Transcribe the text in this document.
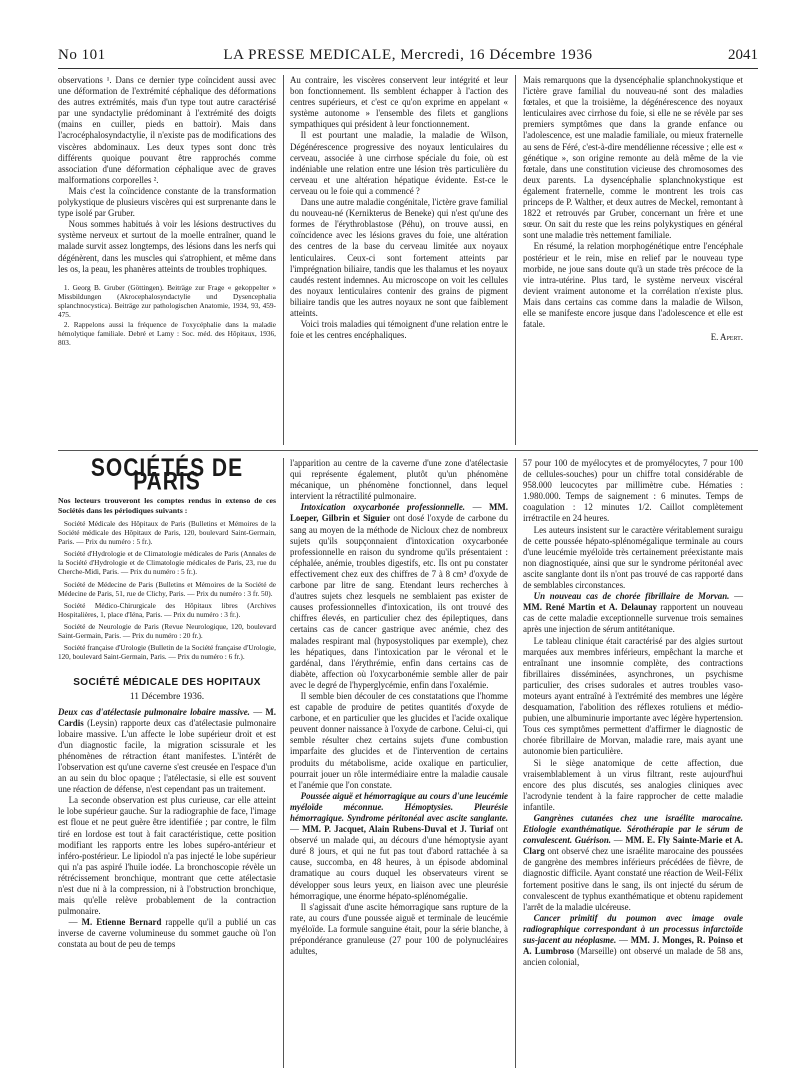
No 101	LA PRESSE MEDICALE, Mercredi, 16 Décembre 1936	2041

observations ¹. Dans ce dernier type coïncident aussi avec une déformation de l'extrémité céphalique des déformations des autres extrémités, mais d'un type tout autre caractérisé par une syndactylie prédominant à l'extrémité des doigts (mains en cuiller, pieds en battoir). Mais dans l'acrocéphalosyndactylie, il n'existe pas de modifications des viscères abdominaux. Les deux types sont donc très différents quoique pouvant être rapprochés comme association d'une déformation céphalique avec de graves malformations corporelles ².

Mais c'est la coïncidence constante de la transformation polykystique de plusieurs viscères qui est surprenante dans le type isolé par Gruber.

Nous sommes habitués à voir les lésions destructives du système nerveux et surtout de la moelle entraîner, quand le malade survit assez longtemps, des lésions dans les nerfs qui dégénèrent, dans les muscles qui s'atrophient, et même dans les os, la peau, les phanères atteints de troubles trophiques.

1. Georg B. Gruber (Göttingen). Beiträge zur Frage « gekoppelter » Missbildungen (Akrocephalosyndactylie und Dysencephalia splanchnocystica). Beiträge zur pathologischen Anatomie, 1934, 93, 459-475.

2. Rappelons aussi la fréquence de l'oxycéphalie dans la maladie hémolytique familiale. Debré et Lamy : Soc. méd. des Hôpitaux, 1936, 803.

Au contraire, les viscères conservent leur intégrité et leur bon fonctionnement. Ils semblent échapper à l'action des centres supérieurs, et c'est ce qu'on exprime en appelant « système autonome » l'ensemble des filets et ganglions sympathiques qui président à leur fonctionnement.

Il est pourtant une maladie, la maladie de Wilson, Dégénérescence progressive des noyaux lenticulaires du cerveau, associée à une cirrhose spéciale du foie, où est indéniable une relation entre une lésion très particulière du cerveau et une altération hépatique évidente. Est-ce le cerveau ou le foie qui a commencé ?

Dans une autre maladie congénitale, l'ictère grave familial du nouveau-né (Kernikterus de Beneke) qui n'est qu'une des formes de l'érythroblastose (Péhu), on trouve aussi, en coïncidence avec les lésions graves du foie, une altération des centres de la base du cerveau limitée aux noyaux lenticulaires. Ceux-ci sont fortement atteints par l'imprégnation biliaire, tandis que les thalamus et les noyaux caudés restent indemnes. Au microscope on voit les cellules des noyaux lenticulaires contenir des grains de pigment biliaire tandis que les autres noyaux ne sont que faiblement atteints.

Voici trois maladies qui témoignent d'une relation entre le foie et les centres encéphaliques.

Mais remarquons que la dysencéphalie splanchnokystique et l'ictère grave familial du nouveau-né sont des maladies fœtales, et que la troisième, la dégénérescence des noyaux lenticulaires avec cirrhose du foie, si elle ne se révèle par ses premiers symptômes que dans la grande enfance ou l'adolescence, est une maladie familiale, ou mieux fraternelle au sens de Féré, c'est-à-dire mendélienne récessive ; elle est « génétique », son origine remonte au delà même de la vie fœtale, dans une constitution vicieuse des chromosomes des deux parents. La dysencéphalie splanchnokystique est également fraternelle, comme le montrent les trois cas princeps de P. Walther, et deux autres de Meckel, remontant à 1822 et retrouvés par Gruber, concernant un frère et une sœur. On sait du reste que les reins polykystiques en général sont une maladie très nettement familiale.

En résumé, la relation morphogénétique entre l'encéphale postérieur et le rein, mise en relief par le nouveau type morbide, ne joue sans doute qu'à un stade très précoce de la vie intra-utérine. Plus tard, le système nerveux viscéral devient vraiment autonome et la corrélation n'existe plus. Mais dans certains cas comme dans la maladie de Wilson, elle se manifeste encore jusque dans l'adolescence et elle est fatale.

E. Apert.
SOCIÉTÉS DE PARIS
Nos lecteurs trouveront les comptes rendus in extenso de ces Sociétés dans les périodiques suivants :

Société Médicale des Hôpitaux de Paris (Bulletins et Mémoires de la Société médicale des Hôpitaux de Paris, 120, boulevard Saint-Germain, Paris. — Prix du numéro : 5 fr.).

Société d'Hydrologie et de Climatologie médicales de Paris (Annales de la Société d'Hydrologie et de Climatologie médicales de Paris, 23, rue du Cherche-Midi, Paris. — Prix du numéro : 5 fr.).

Société de Médecine de Paris (Bulletins et Mémoires de la Société de Médecine de Paris, 51, rue de Clichy, Paris. — Prix du numéro : 3 fr. 50).

Société Médico-Chirurgicale des Hôpitaux libres (Archives Hospitalières, 1, place d'Iéna, Paris. — Prix du numéro : 3 fr.).

Société de Neurologie de Paris (Revue Neurologique, 120, boulevard Saint-Germain, Paris. — Prix du numéro : 20 fr.).

Société française d'Urologie (Bulletin de la Société française d'Urologie, 120, boulevard Saint-Germain, Paris. — Prix du numéro : 6 fr.).

SOCIÉTÉ MÉDICALE DES HOPITAUX
11 Décembre 1936.

Deux cas d'atélectasie pulmonaire lobaire massive. — M. Cardis (Leysin) rapporte deux cas d'atélectasie pulmonaire lobaire massive. L'un affecte le lobe supérieur droit et est d'un diagnostic facile, la migration scissurale et les phénomènes de rétraction étant manifestes. L'intérêt de l'observation est qu'une caverne s'est creusée en l'espace d'un an au sein du bloc opaque ; l'atélectasie, si elle est souvent une réaction de défense, n'est cependant pas un traitement.

La seconde observation est plus curieuse, car elle atteint le lobe supérieur gauche. Sur la radiographie de face, l'image est floue et ne peut guère être identifiée ; par contre, le film tiré en lordose est tout à fait caractéristique, cette position modifiant les rapports entre les lobes supéro-antérieur et inféro-postérieur. Le lipiodol n'a pas injecté le lobe supérieur qui n'a pas aspiré l'huile iodée. La bronchoscopie révèle un rétrécissement bronchique, montrant que cette atélectasie n'est due ni à la compression, ni à l'obstruction bronchique, mais qu'elle relève probablement de la contraction pulmonaire.

— M. Etienne Bernard rappelle qu'il a publié un cas inverse de caverne volumineuse du sommet gauche où l'on constata au bout de peu de temps

l'apparition au centre de la caverne d'une zone d'atélectasie qui représente également, plutôt qu'un phénomène mécanique, un phénomène fonctionnel, dans lequel intervient la rétractilité pulmonaire.

Intoxication oxycarbonée professionnelle. — MM. Loeper, Gilbrin et Siguier ont dosé l'oxyde de carbone du sang au moyen de la méthode de Nicloux chez de nombreux sujets qu'ils soupçonnaient d'intoxication oxycarbonée professionnelle en raison du syndrome qu'ils présentaient : céphalée, anémie, troubles digestifs, etc. Ils ont pu constater effectivement chez eux des chiffres de 7 à 8 cm³ d'oxyde de carbone par litre de sang. Etendant leurs recherches à d'autres sujets chez lesquels ne semblaient pas exister de causes professionnelles d'intoxication, ils ont trouvé des chiffres élevés, en particulier chez des épileptiques, dans certains cas de cancer gastrique avec anémie, chez des malades respirant mal (hyposystoliques par exemple), chez les hépatiques, dans l'intoxication par le véronal et le gardénal, dans l'érythrémie, enfin dans certains cas de diabète, affection où l'oxycarbonémie semble aller de pair avec le degré de l'hyperglycémie, enfin dans l'oxalémie.

Il semble bien découler de ces constatations que l'homme est capable de produire de petites quantités d'oxyde de carbone, et en particulier que les glucides et l'acide oxalique peuvent donner naissance à l'oxyde de carbone. Celui-ci, qui semble résulter chez certains sujets d'une combustion imparfaite des glucides et de l'intervention de certains produits du métabolisme, acide oxalique en particulier, pourrait jouer un rôle intermédiaire entre la maladie causale et l'anémie que l'on constate.

Poussée aiguë et hémorragique au cours d'une leucémie myéloïde méconnue. Hémoptysies. Pleurésie hémorragique. Syndrome péritonéal avec ascite sanglante. — MM. P. Jacquet, Alain Rubens-Duval et J. Turiaf ont observé un malade qui, au décours d'une hémoptysie ayant duré 8 jours, et qui ne fut pas tout d'abord rattachée à sa cause, succomba, en 48 heures, à un épisode abdominal dramatique au cours duquel les observateurs virent se développer sous leurs yeux, en liaison avec une pleurésie hémorragique, une énorme hépato-splénomégalie.

Il s'agissait d'une ascite hémorragique sans rupture de la rate, au cours d'une poussée aiguë et terminale de leucémie myéloïde. La formule sanguine était, pour la série blanche, à prépondérance granuleuse (27 pour 100 de polynucléaires adultes,

57 pour 100 de myélocytes et de promyélocytes, 7 pour 100 de cellules-souches) pour un chiffre total considérable de 958.000 leucocytes par millimètre cube. Hématies : 1.980.000. Temps de saignement : 6 minutes. Temps de coagulation : 12 minutes 1/2. Caillot complètement irrétractile en 24 heures.

Les auteurs insistent sur le caractère véritablement suraigu de cette poussée hépato-splénomégalique terminale au cours d'une leucémie myéloïde très certainement préexistante mais non diagnostiquée, ainsi que sur le syndrome péritonéal avec ascite sanglante dont ils n'ont pas trouvé de cas rapporté dans de semblables circonstances.

Un nouveau cas de chorée fibrillaire de Morvan. — MM. René Martin et A. Delaunay rapportent un nouveau cas de cette maladie exceptionnelle survenue trois semaines après une injection de sérum antitétanique.

Le tableau clinique était caractérisé par des algies surtout marquées aux membres inférieurs, empêchant la marche et entraînant une insomnie complète, des contractions fibrillaires disséminées, asynchrones, un psychisme particulier, des crises sudorales et autres troubles vaso-moteurs ayant entraîné à l'extrémité des membres une légère desquamation, l'abolition des réflexes rotuliens et médio-pubien, une albuminurie importante avec légère hypertension. Tous ces symptômes permettent d'affirmer le diagnostic de chorée fibrillaire de Morvan, maladie rare, mais ayant une autonomie bien particulière.

Si le siège anatomique de cette affection, due vraisemblablement à un virus filtrant, reste aujourd'hui encore des plus discutés, ses analogies cliniques avec l'acrodynie tendent à la faire rapprocher de cette maladie infantile.

Gangrènes cutanées chez une israélite marocaine. Etiologie exanthématique. Sérothérapie par le sérum de convalescent. Guérison. — MM. E. Fly Sainte-Marie et A. Clarg ont observé chez une israélite marocaine des poussées de gangrène des membres inférieurs précédées de fièvre, de diagnostic difficile. Ayant constaté une réaction de Weil-Félix fortement positive dans le sang, ils ont injecté du sérum de convalescent de typhus exanthématique et obtenu rapidement l'arrêt de la maladie ulcéreuse.

Cancer primitif du poumon avec image ovale radiographique correspondant à un processus infarctoïde sus-jacent au néoplasme. — MM. J. Monges, R. Poinso et A. Lumbroso (Marseille) ont observé un malade de 58 ans, ancien colonial,
